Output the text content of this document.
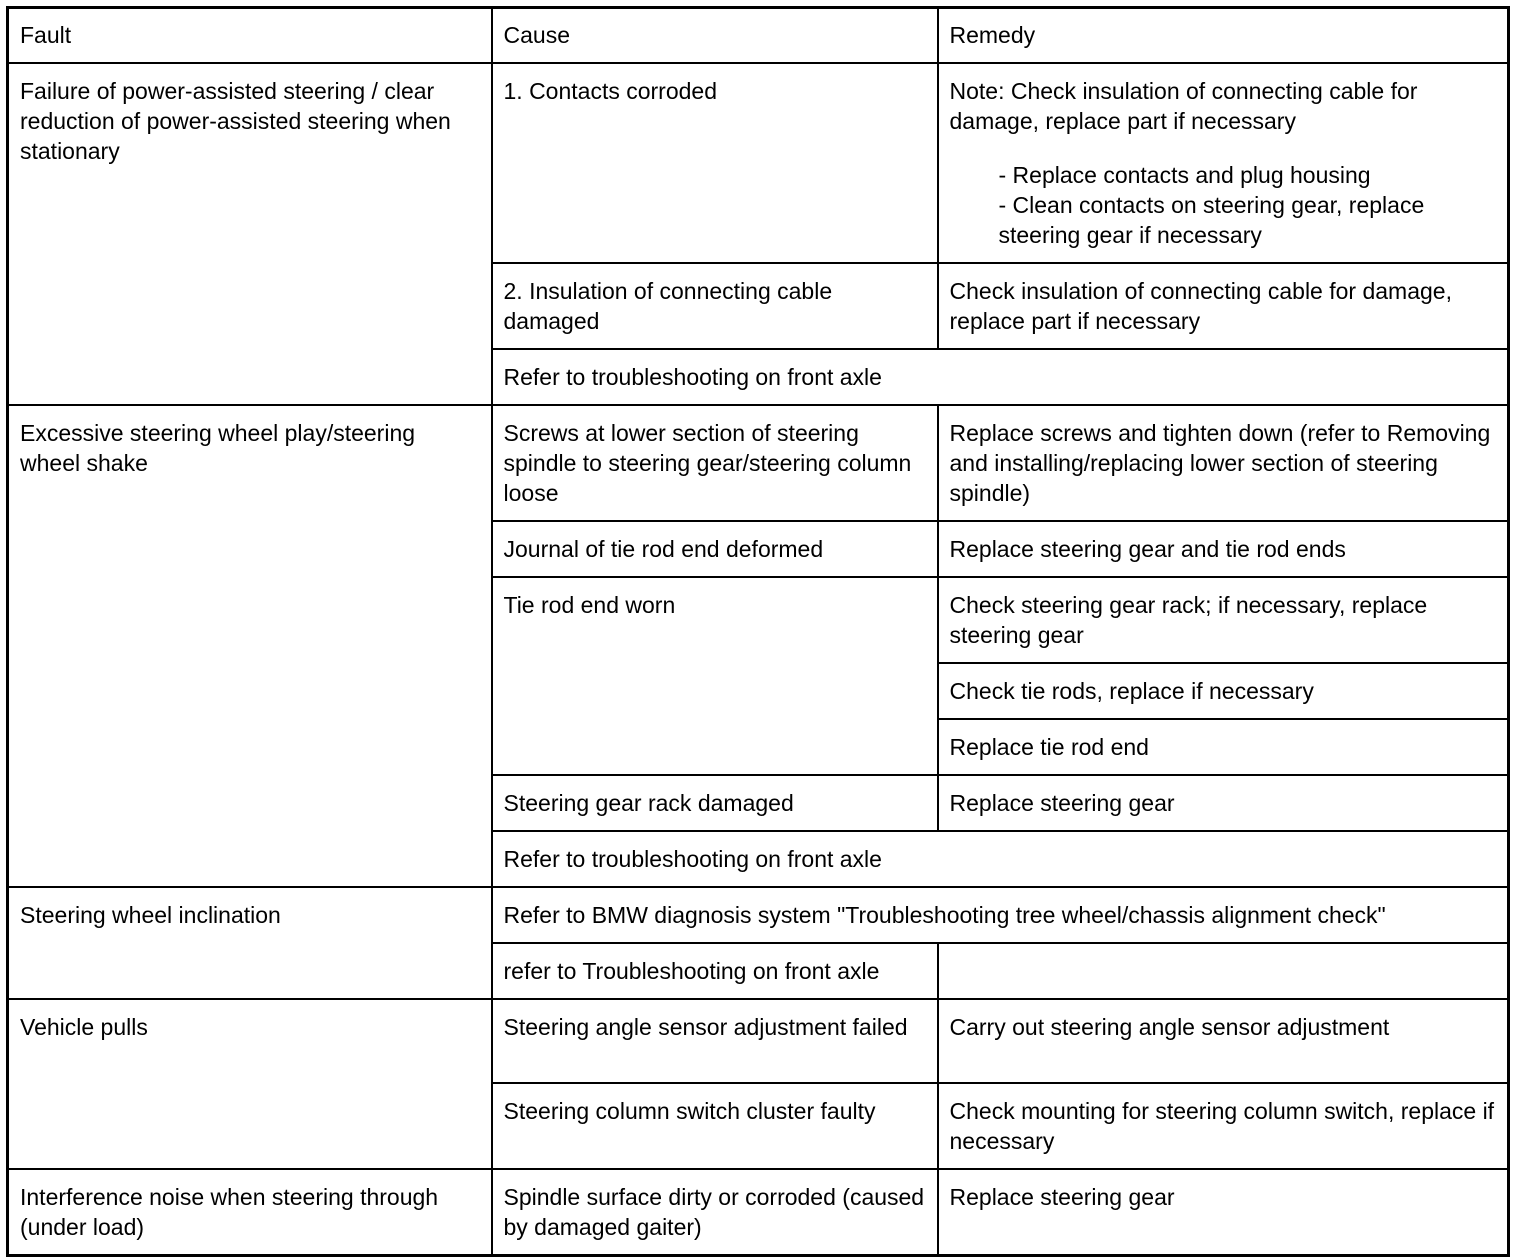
Fault	Cause	Remedy
Failure of power-assisted steering / clear reduction of power-assisted steering when stationary	1. Contacts corroded	Note: Check insulation of connecting cable for damage, replace part if necessary
- Replace contacts and plug housing
- Clean contacts on steering gear, replace steering gear if necessary

	2. Insulation of connecting cable damaged	Check insulation of connecting cable for damage, replace part if necessary
	Refer to troubleshooting on front axle	
Excessive steering wheel play/steering wheel shake	Screws at lower section of steering spindle to steering gear/steering column loose	Replace screws and tighten down (refer to Removing and installing/replacing lower section of steering spindle)
	Journal of tie rod end deformed	Replace steering gear and tie rod ends
	Tie rod end worn	Check steering gear rack; if necessary, replace steering gear
		Check tie rods, replace if necessary
		Replace tie rod end
	Steering gear rack damaged	Replace steering gear
	Refer to troubleshooting on front axle	
Steering wheel inclination	Refer to BMW diagnosis system "Troubleshooting tree wheel/chassis alignment check"	
	refer to Troubleshooting on front axle	
Vehicle pulls	Steering angle sensor adjustment failed	Carry out steering angle sensor adjustment
	Steering column switch cluster faulty	Check mounting for steering column switch, replace if necessary
Interference noise when steering through (under load)	Spindle surface dirty or corroded (caused by damaged gaiter)	Replace steering gear
